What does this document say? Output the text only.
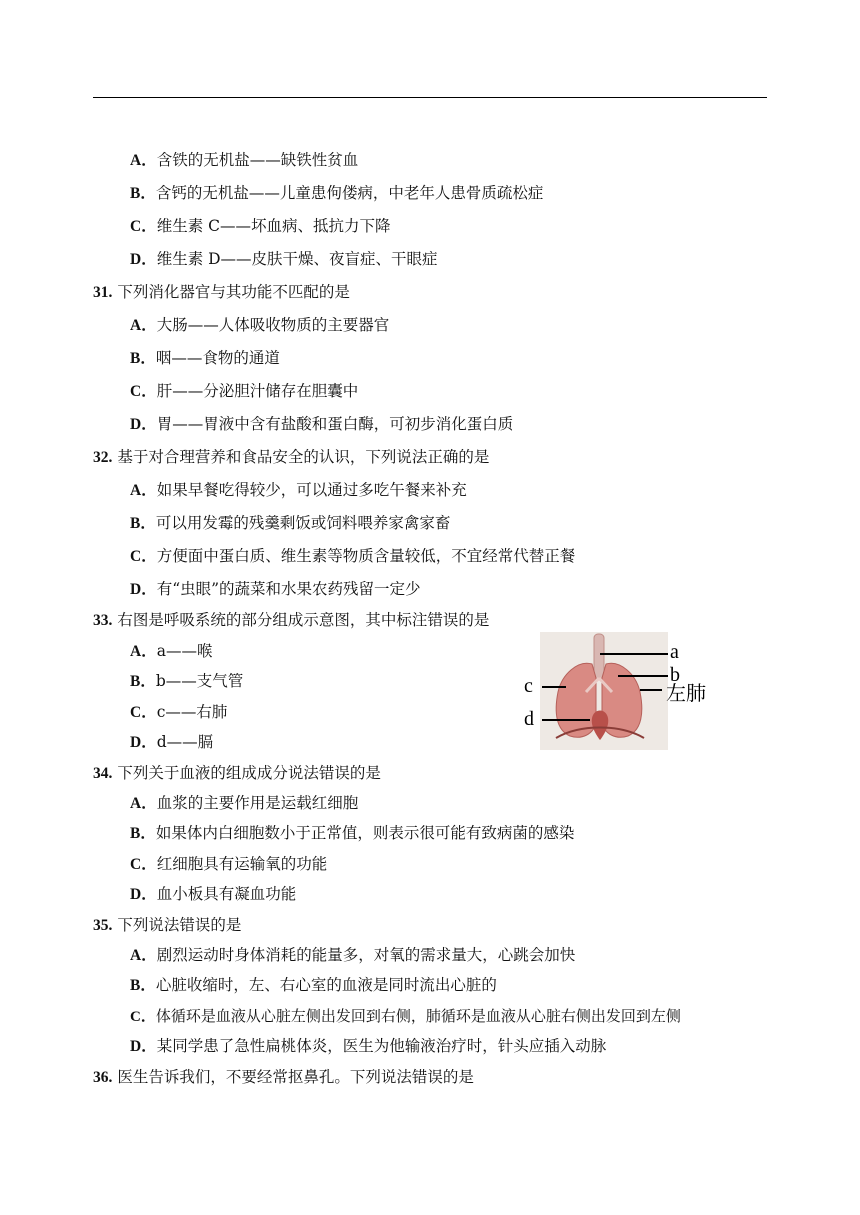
A．含铁的无机盐——缺铁性贫血
B．含钙的无机盐——儿童患佝偻病，中老年人患骨质疏松症
C．维生素 C——坏血病、抵抗力下降
D．维生素 D——皮肤干燥、夜盲症、干眼症
31. 下列消化器官与其功能不匹配的是
A．大肠——人体吸收物质的主要器官
B．咽——食物的通道
C．肝——分泌胆汁储存在胆囊中
D．胃——胃液中含有盐酸和蛋白酶，可初步消化蛋白质
32. 基于对合理营养和食品安全的认识，下列说法正确的是
A．如果早餐吃得较少，可以通过多吃午餐来补充
B．可以用发霉的残羹剩饭或饲料喂养家禽家畜
C．方便面中蛋白质、维生素等物质含量较低，不宜经常代替正餐
D．有“虫眼”的蔬菜和水果农药残留一定少
33. 右图是呼吸系统的部分组成示意图，其中标注错误的是
A．a——喉
B．b——支气管
C．c——右肺
D．d——膈
a
b
左肺
c
d
34. 下列关于血液的组成成分说法错误的是
A．血浆的主要作用是运载红细胞
B．如果体内白细胞数小于正常值，则表示很可能有致病菌的感染
C．红细胞具有运输氧的功能
D．血小板具有凝血功能
35. 下列说法错误的是
A．剧烈运动时身体消耗的能量多，对氧的需求量大，心跳会加快
B．心脏收缩时，左、右心室的血液是同时流出心脏的
C．体循环是血液从心脏左侧出发回到右侧，肺循环是血液从心脏右侧出发回到左侧
D．某同学患了急性扁桃体炎，医生为他输液治疗时，针头应插入动脉
36. 医生告诉我们，不要经常抠鼻孔。下列说法错误的是
